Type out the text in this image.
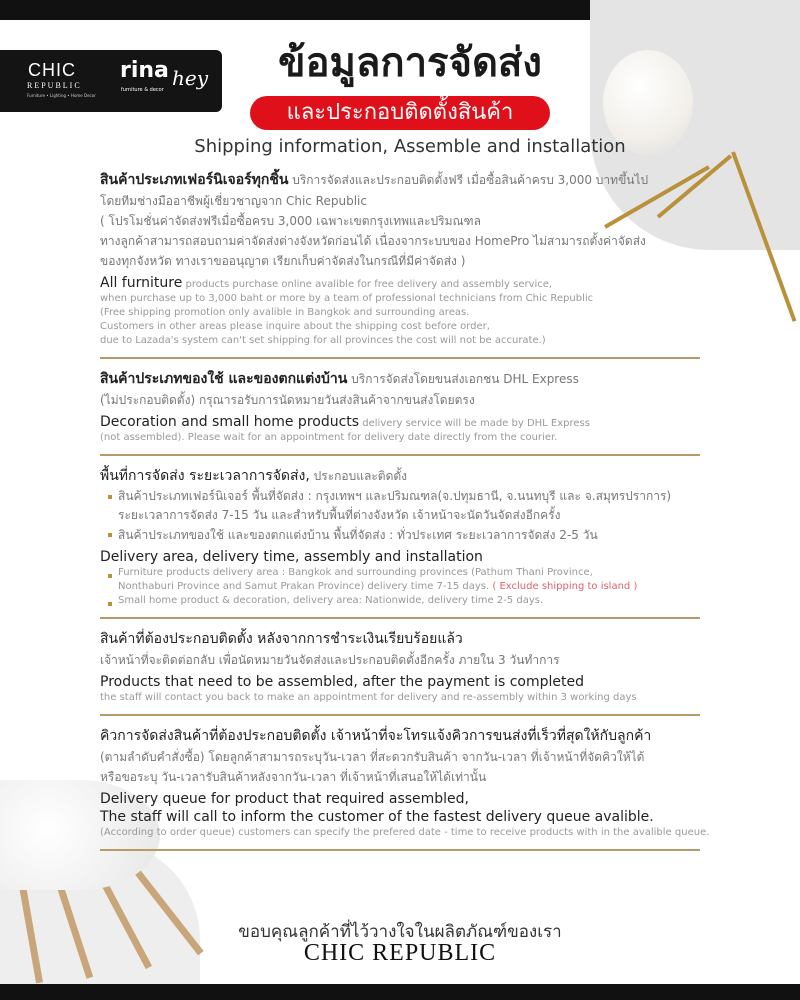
CHIC
REPUBLIC
Furniture • Lighting • Home Decor
rina hey
furniture & decor
ข้อมูลการจัดส่ง
และประกอบติดตั้งสินค้า
Shipping information, Assemble and installation
สินค้าประเภทเฟอร์นิเจอร์ทุกชิ้น บริการจัดส่งและประกอบติดตั้งฟรี เมื่อซื้อสินค้าครบ 3,000 บาทขึ้นไป
โดยทีมช่างมืออาชีพผู้เชี่ยวชาญจาก Chic Republic
( โปรโมชั่นค่าจัดส่งฟรีเมื่อซื้อครบ 3,000 เฉพาะเขตกรุงเทพและปริมณฑล
ทางลูกค้าสามารถสอบถามค่าจัดส่งต่างจังหวัดก่อนได้ เนื่องจากระบบของ HomePro ไม่สามารถตั้งค่าจัดส่ง
ของทุกจังหวัด ทางเราขออนุญาต เรียกเก็บค่าจัดส่งในกรณีที่มีค่าจัดส่ง )
All furniture products purchase online avalible for free delivery and assembly service,
when purchase up to 3,000 baht or more by a team of professional technicians from Chic Republic
(Free shipping promotion only avalible in Bangkok and surrounding areas.
Customers in other areas please inquire about the shipping cost before order,
due to Lazada's system can't set shipping for all provinces the cost will not be accurate.)
สินค้าประเภทของใช้ และของตกแต่งบ้าน บริการจัดส่งโดยขนส่งเอกชน DHL Express
(ไม่ประกอบติดตั้ง) กรุณารอรับการนัดหมายวันส่งสินค้าจากขนส่งโดยตรง
Decoration and small home products delivery service will be made by DHL Express
(not assembled). Please wait for an appointment for delivery date directly from the courier.
พื้นที่การจัดส่ง ระยะเวลาการจัดส่ง, ประกอบและติดตั้ง
สินค้าประเภทเฟอร์นิเจอร์ พื้นที่จัดส่ง : กรุงเทพฯ และปริมณฑล(จ.ปทุมธานี, จ.นนทบุรี และ จ.สมุทรปราการ)
ระยะเวลาการจัดส่ง 7-15 วัน และสำหรับพื้นที่ต่างจังหวัด เจ้าหน้าจะนัดวันจัดส่งอีกครั้ง
สินค้าประเภทของใช้ และของตกแต่งบ้าน พื้นที่จัดส่ง : ทั่วประเทศ ระยะเวลาการจัดส่ง 2-5 วัน
Delivery area, delivery time, assembly and installation
Furniture products delivery area : Bangkok and surrounding provinces (Pathum Thani Province,
Nonthaburi Province and Samut Prakan Province) delivery time 7-15 days. ( Exclude shipping to island )
Small home product & decoration, delivery area: Nationwide, delivery time 2-5 days.
สินค้าที่ต้องประกอบติดตั้ง หลังจากการชำระเงินเรียบร้อยแล้ว
เจ้าหน้าที่จะติดต่อกลับ เพื่อนัดหมายวันจัดส่งและประกอบติดตั้งอีกครั้ง ภายใน 3 วันทำการ
Products that need to be assembled, after the payment is completed
the staff will contact you back to make an appointment for delivery and re-assembly within 3 working days
คิวการจัดส่งสินค้าที่ต้องประกอบติดตั้ง เจ้าหน้าที่จะโทรแจ้งคิวการขนส่งที่เร็วที่สุดให้กับลูกค้า
(ตามลำดับคำสั่งซื้อ) โดยลูกค้าสามารถระบุวัน-เวลา ที่สะดวกรับสินค้า จากวัน-เวลา ที่เจ้าหน้าที่จัดคิวให้ได้
หรือขอระบุ วัน-เวลารับสินค้าหลังจากวัน-เวลา ที่เจ้าหน้าที่เสนอให้ได้เท่านั้น
Delivery queue for product that required assembled,
The staff will call to inform the customer of the fastest delivery queue avalible.
(According to order queue) customers can specify the prefered date - time to receive products with in the avalible queue.
ขอบคุณลูกค้าที่ไว้วางใจในผลิตภัณฑ์ของเรา
CHIC REPUBLIC
